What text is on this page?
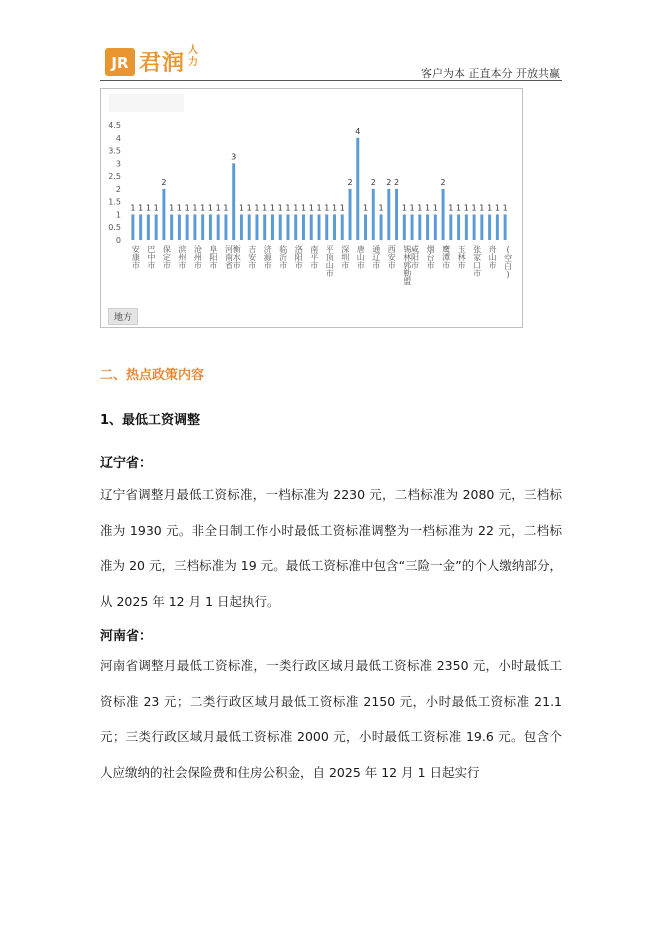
JR 君润
人力
客户为本 正直本分 开放共赢
4.5
4
3.5
3
2.5
2
1.5
1
0.5
0
1 1 1 1
2
1 1 1 1 1 1 1 1
3
1 1 1 1 1 1 1 1 1 1 1 1 1 1
2
4
1
2
1
2 2
1 1 1 1 1
2
1 1 1 1 1 1 1 1
安康市 巴中市 保定市 滨州市 沧州市 阜阳市 河南省
衡水市 吉安市 济源市 临沂市 洛阳市 南平市 平顶山市 深圳市 唐山市 通辽市 西安市 锡林郭勒盟
咸阳市 烟台市 鹰潭市 玉林市 张家口市 舟山市 (空白)
地方
二、热点政策内容
1、最低工资调整
辽宁省：
辽宁省调整月最低工资标准，一档标准为 2230 元，二档标准为 2080 元，三档标准为 1930 元。非全日制工作小时最低工资标准调整为一档标准为 22 元，二档标准为 20 元，三档标准为 19 元。最低工资标准中包含“三险一金”的个人缴纳部分，从 2025 年 12 月 1 日起执行。
河南省：
河南省调整月最低工资标准，一类行政区域月最低工资标准 2350 元，小时最低工资标准 23 元；二类行政区域月最低工资标准 2150 元，小时最低工资标准 21.1 元；三类行政区域月最低工资标准 2000 元，小时最低工资标准 19.6 元。包含个人应缴纳的社会保险费和住房公积金，自 2025 年 12 月 1 日起实行
